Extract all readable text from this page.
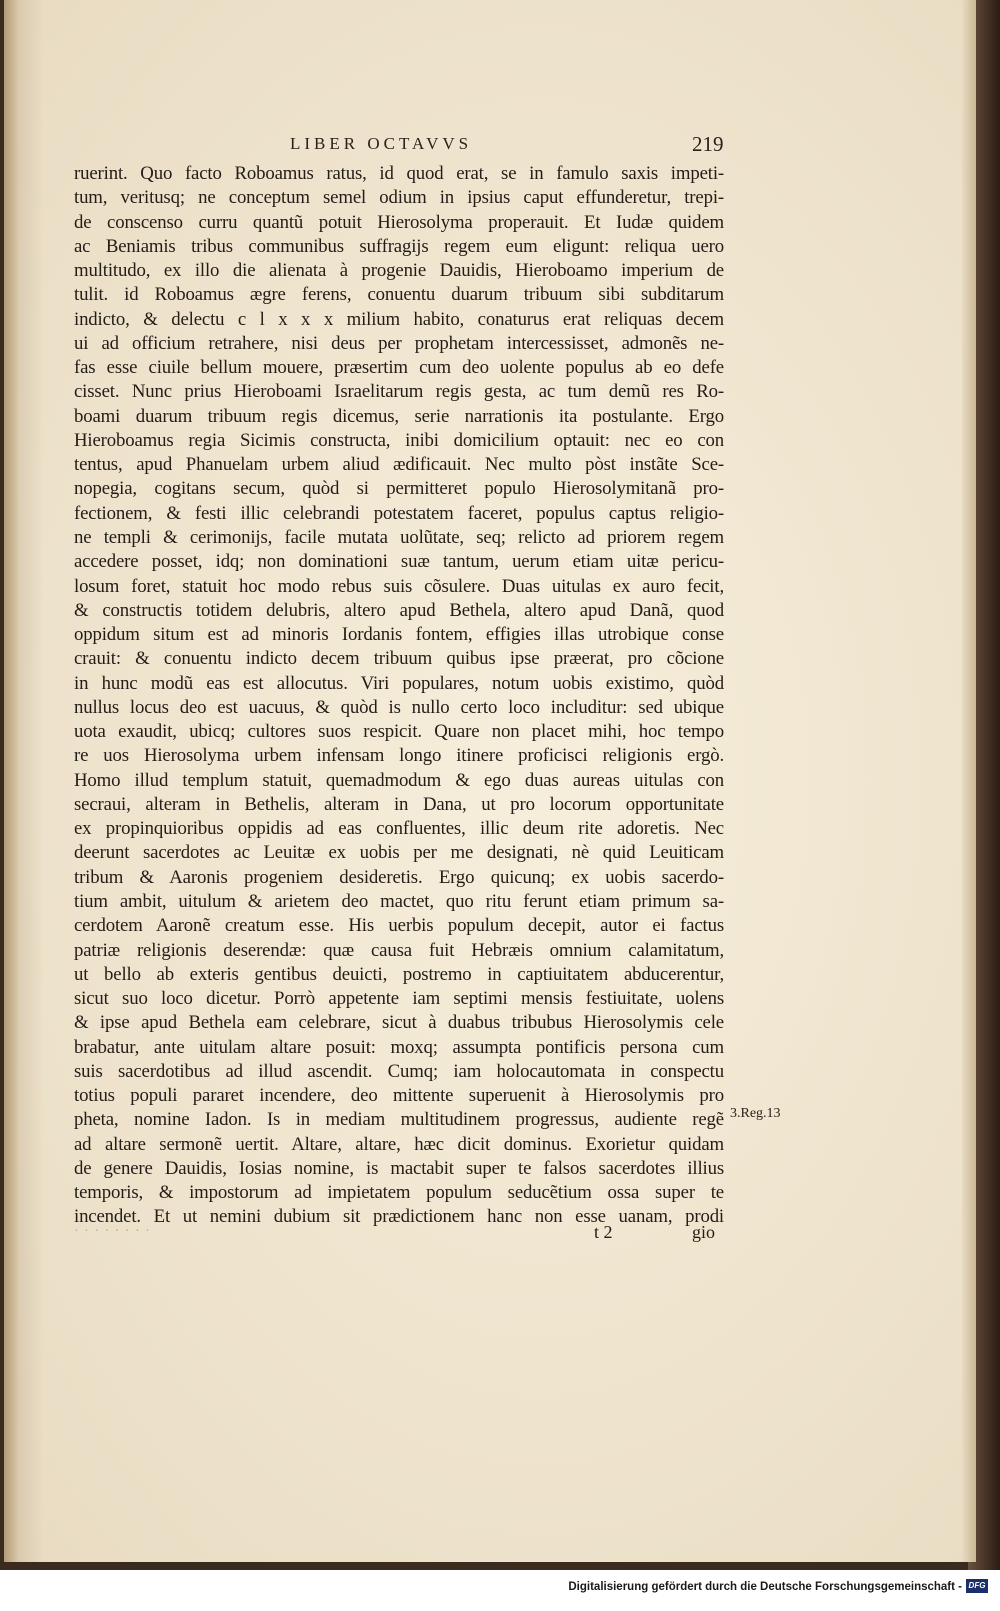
LIBER OCTAVVS	219
ruerint. Quo facto Roboamus ratus, id quod erat, se in famulo saxis impeti-
tum, veritusq; ne conceptum semel odium in ipsius caput effunderetur, trepi-
de conscenso curru quantũ potuit Hierosolyma properauit. Et Iudæ quidem
ac Beniamis tribus communibus suffragijs regem eum eligunt: reliqua uero
multitudo, ex illo die alienata à progenie Dauidis, Hieroboamo imperium de
tulit. id Roboamus ægre ferens, conuentu duarum tribuum sibi subditarum
indicto, & delectu c l x x x milium habito, conaturus erat reliquas decem
ui ad officium retrahere, nisi deus per prophetam intercessisset, admonẽs ne-
fas esse ciuile bellum mouere, præsertim cum deo uolente populus ab eo defe
cisset. Nunc prius Hieroboami Israelitarum regis gesta, ac tum demũ res Ro-
boami duarum tribuum regis dicemus, serie narrationis ita postulante. Ergo
Hieroboamus regia Sicimis constructa, inibi domicilium optauit: nec eo con
tentus, apud Phanuelam urbem aliud ædificauit. Nec multo pòst instãte Sce-
nopegia, cogitans secum, quòd si permitteret populo Hierosolymitanã pro-
fectionem, & festi illic celebrandi potestatem faceret, populus captus religio-
ne templi & cerimonijs, facile mutata uolũtate, seq; relicto ad priorem regem
accedere posset, idq; non dominationi suæ tantum, uerum etiam uitæ pericu-
losum foret, statuit hoc modo rebus suis cõsulere. Duas uitulas ex auro fecit,
& constructis totidem delubris, altero apud Bethela, altero apud Danã, quod
oppidum situm est ad minoris Iordanis fontem, effigies illas utrobique conse
crauit: & conuentu indicto decem tribuum quibus ipse præerat, pro cõcione
in hunc modũ eas est allocutus. Viri populares, notum uobis existimo, quòd
nullus locus deo est uacuus, & quòd is nullo certo loco includitur: sed ubique
uota exaudit, ubicq; cultores suos respicit. Quare non placet mihi, hoc tempo
re uos Hierosolyma urbem infensam longo itinere proficisci religionis ergò.
Homo illud templum statuit, quemadmodum & ego duas aureas uitulas con
secraui, alteram in Bethelis, alteram in Dana, ut pro locorum opportunitate
ex propinquioribus oppidis ad eas confluentes, illic deum rite adoretis. Nec
deerunt sacerdotes ac Leuitæ ex uobis per me designati, nè quid Leuiticam
tribum & Aaronis progeniem desideretis. Ergo quicunq; ex uobis sacerdo-
tium ambit, uitulum & arietem deo mactet, quo ritu ferunt etiam primum sa-
cerdotem Aaronẽ creatum esse. His uerbis populum decepit, autor ei factus
patriæ religionis deserendæ: quæ causa fuit Hebræis omnium calamitatum,
ut bello ab exteris gentibus deuicti, postremo in captiuitatem abducerentur,
sicut suo loco dicetur. Porrò appetente iam septimi mensis festiuitate, uolens
& ipse apud Bethela eam celebrare, sicut à duabus tribubus Hierosolymis cele
brabatur, ante uitulam altare posuit: moxq; assumpta pontificis persona cum
suis sacerdotibus ad illud ascendit. Cumq; iam holocautomata in conspectu
totius populi pararet incendere, deo mittente superuenit à Hierosolymis pro
pheta, nomine Iadon. Is in mediam multitudinem progressus, audiente regẽ
ad altare sermonẽ uertit. Altare, altare, hæc dicit dominus. Exorietur quidam
de genere Dauidis, Iosias nomine, is mactabit super te falsos sacerdotes illius
temporis, & impostorum ad impietatem populum seducẽtium ossa super te
incendet. Et ut nemini dubium sit prædictionem hanc non esse uanam, prodi
3.Reg.13
· · · · · · · ·	t 2	gio
Digitalisierung gefördert durch die Deutsche Forschungsgemeinschaft - DFG
